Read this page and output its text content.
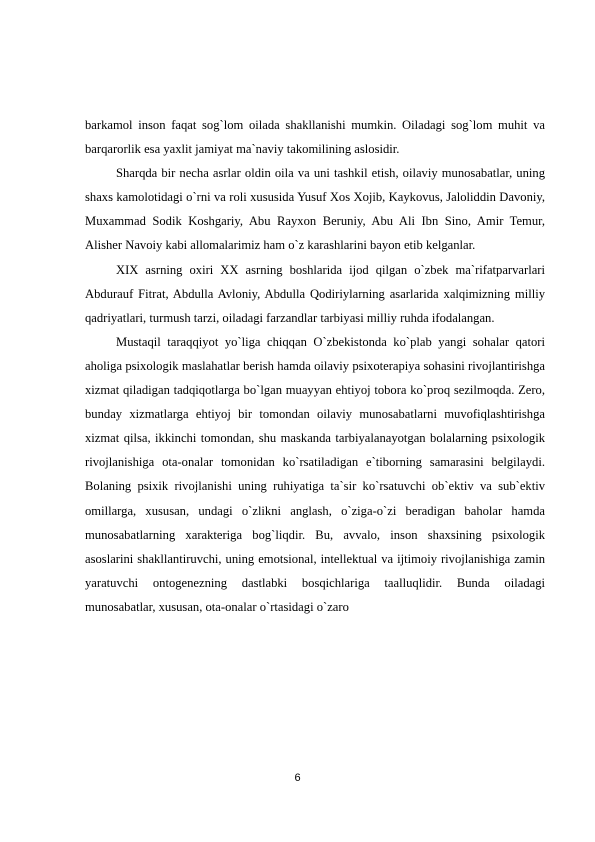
barkamol inson faqat sog`lom oilada shakllanishi mumkin. Oiladagi sog`lom muhit va barqarorlik esa yaxlit jamiyat ma`naviy takomilining aslosidir.

Sharqda bir necha asrlar oldin oila va uni tashkil etish, oilaviy munosabatlar, uning shaxs kamolotidagi o`rni va roli xususida Yusuf Xos Xojib, Kaykovus, Jaloliddin Davoniy, Muxammad Sodik Koshgariy, Abu Rayxon Beruniy, Abu Ali Ibn Sino, Amir Temur, Alisher Navoiy kabi allomalarimiz ham o`z karashlarini bayon etib kelganlar.

XIX asrning oxiri XX asrning boshlarida ijod qilgan o`zbek ma`rifatparvarlari Abdurauf Fitrat, Abdulla Avloniy, Abdulla Qodiriylarning asarlarida xalqimizning milliy qadriyatlari, turmush tarzi, oiladagi farzandlar tarbiyasi milliy ruhda ifodalangan.

Mustaqil taraqqiyot yo`liga chiqqan O`zbekistonda ko`plab yangi sohalar qatori aholiga psixologik maslahatlar berish hamda oilaviy psixoterapiya sohasini rivojlantirishga xizmat qiladigan tadqiqotlarga bo`lgan muayyan ehtiyoj tobora ko`proq sezilmoqda. Zero, bunday xizmatlarga ehtiyoj bir tomondan oilaviy munosabatlarni muvofiqlashtirishga xizmat qilsa, ikkinchi tomondan, shu maskanda tarbiyalanayotgan bolalarning psixologik rivojlanishiga ota-onalar tomonidan ko`rsatiladigan e`tiborning samarasini belgilaydi. Bolaning psixik rivojlanishi uning ruhiyatiga ta`sir ko`rsatuvchi ob`ektiv va sub`ektiv omillarga, xususan, undagi o`zlikni anglash, o`ziga-o`zi beradigan baholar hamda munosabatlarning xarakteriga bog`liqdir. Bu, avvalo, inson shaxsining psixologik asoslarini shakllantiruvchi, uning emotsional, intellektual va ijtimoiy rivojlanishiga zamin yaratuvchi ontogenezning dastlabki bosqichlariga taalluqlidir. Bunda oiladagi munosabatlar, xususan, ota-onalar o`rtasidagi o`zaro

6
